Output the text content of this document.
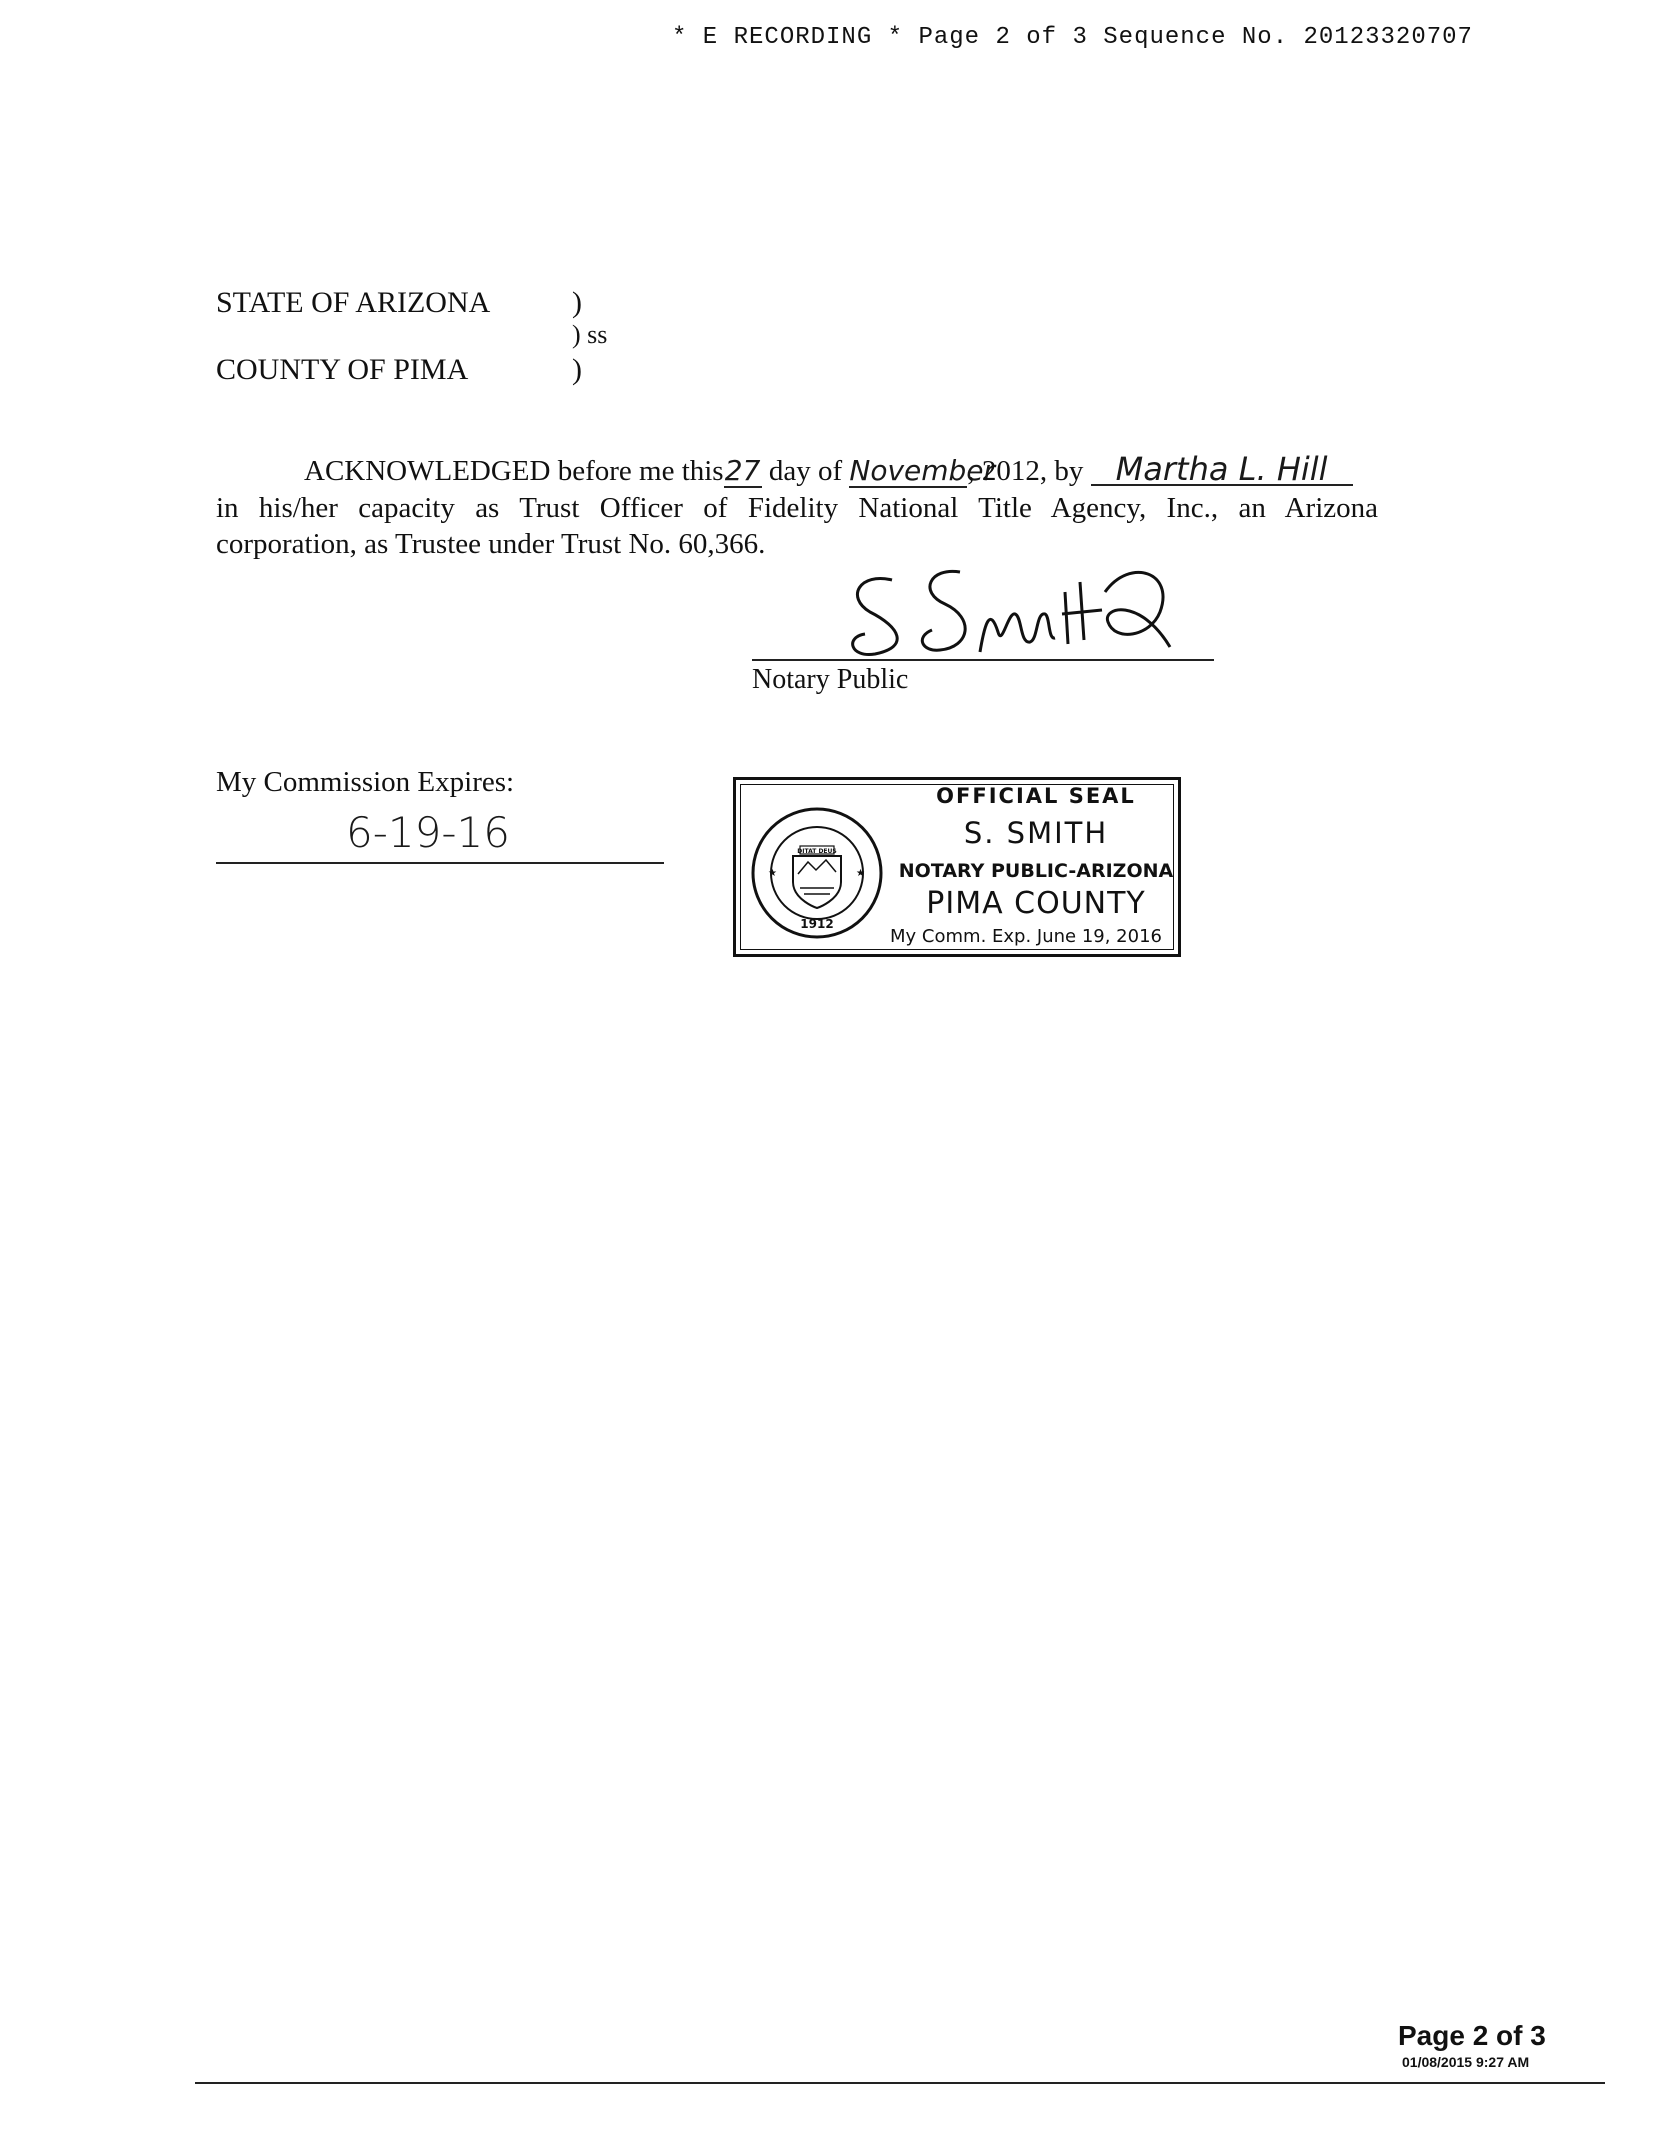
* E RECORDING * Page 2 of 3 Sequence No. 20123320707
STATE OF ARIZONA	)
) ss
COUNTY OF PIMA	)
ACKNOWLEDGED before me this27 day of November, 2012, by Martha L. Hill
in his/her capacity as Trust Officer of Fidelity National Title Agency, Inc., an Arizona
corporation, as Trustee under Trust No. 60,366.
Notary Public
My Commission Expires:
6-19-16	DITAT DEUS
1912
★	★
OFFICIAL SEAL
S. SMITH
NOTARY PUBLIC-ARIZONA
PIMA COUNTY
My Comm. Exp. June 19, 2016
Page 2 of 3
01/08/2015 9:27 AM
